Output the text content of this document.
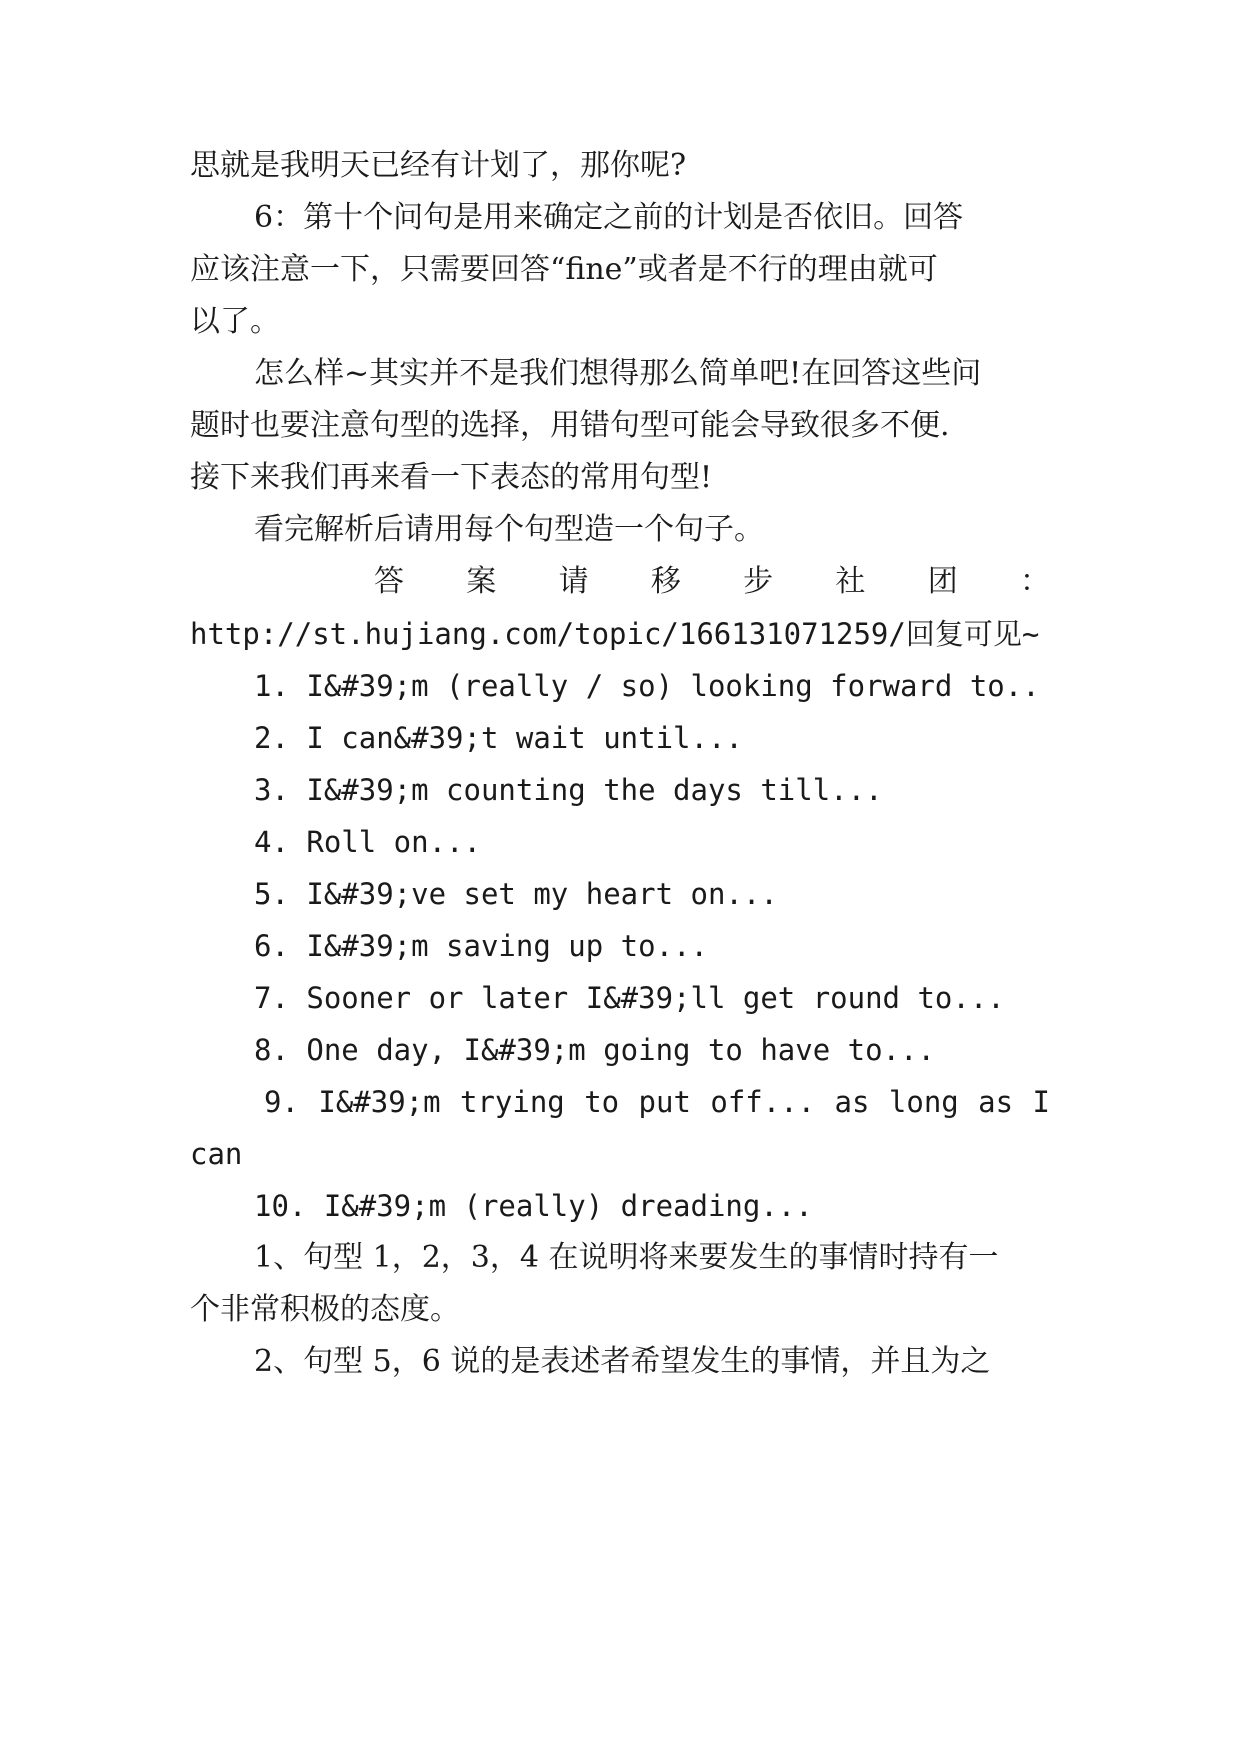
思就是我明天已经有计划了，那你呢?
6：第十个问句是用来确定之前的计划是否依旧。回答
应该注意一下，只需要回答“fine”或者是不行的理由就可
以了。
怎么样~其实并不是我们想得那么简单吧!在回答这些问
题时也要注意句型的选择，用错句型可能会导致很多不便.
接下来我们再来看一下表态的常用句型!
看完解析后请用每个句型造一个句子。
答 案 请 移 步 社 团 ：
http://st.hujiang.com/topic/166131071259/回复可见~
1. I&#39;m (really / so) looking forward to..
2. I can&#39;t wait until...
3. I&#39;m counting the days till...
4. Roll on...
5. I&#39;ve set my heart on...
6. I&#39;m saving up to...
7. Sooner or later I&#39;ll get round to...
8. One day, I&#39;m going to have to...
9. I&#39;m trying to put off... as long as I
can
10. I&#39;m (really) dreading...
1、句型 1，2，3，4 在说明将来要发生的事情时持有一
个非常积极的态度。
2、句型 5，6 说的是表述者希望发生的事情，并且为之
